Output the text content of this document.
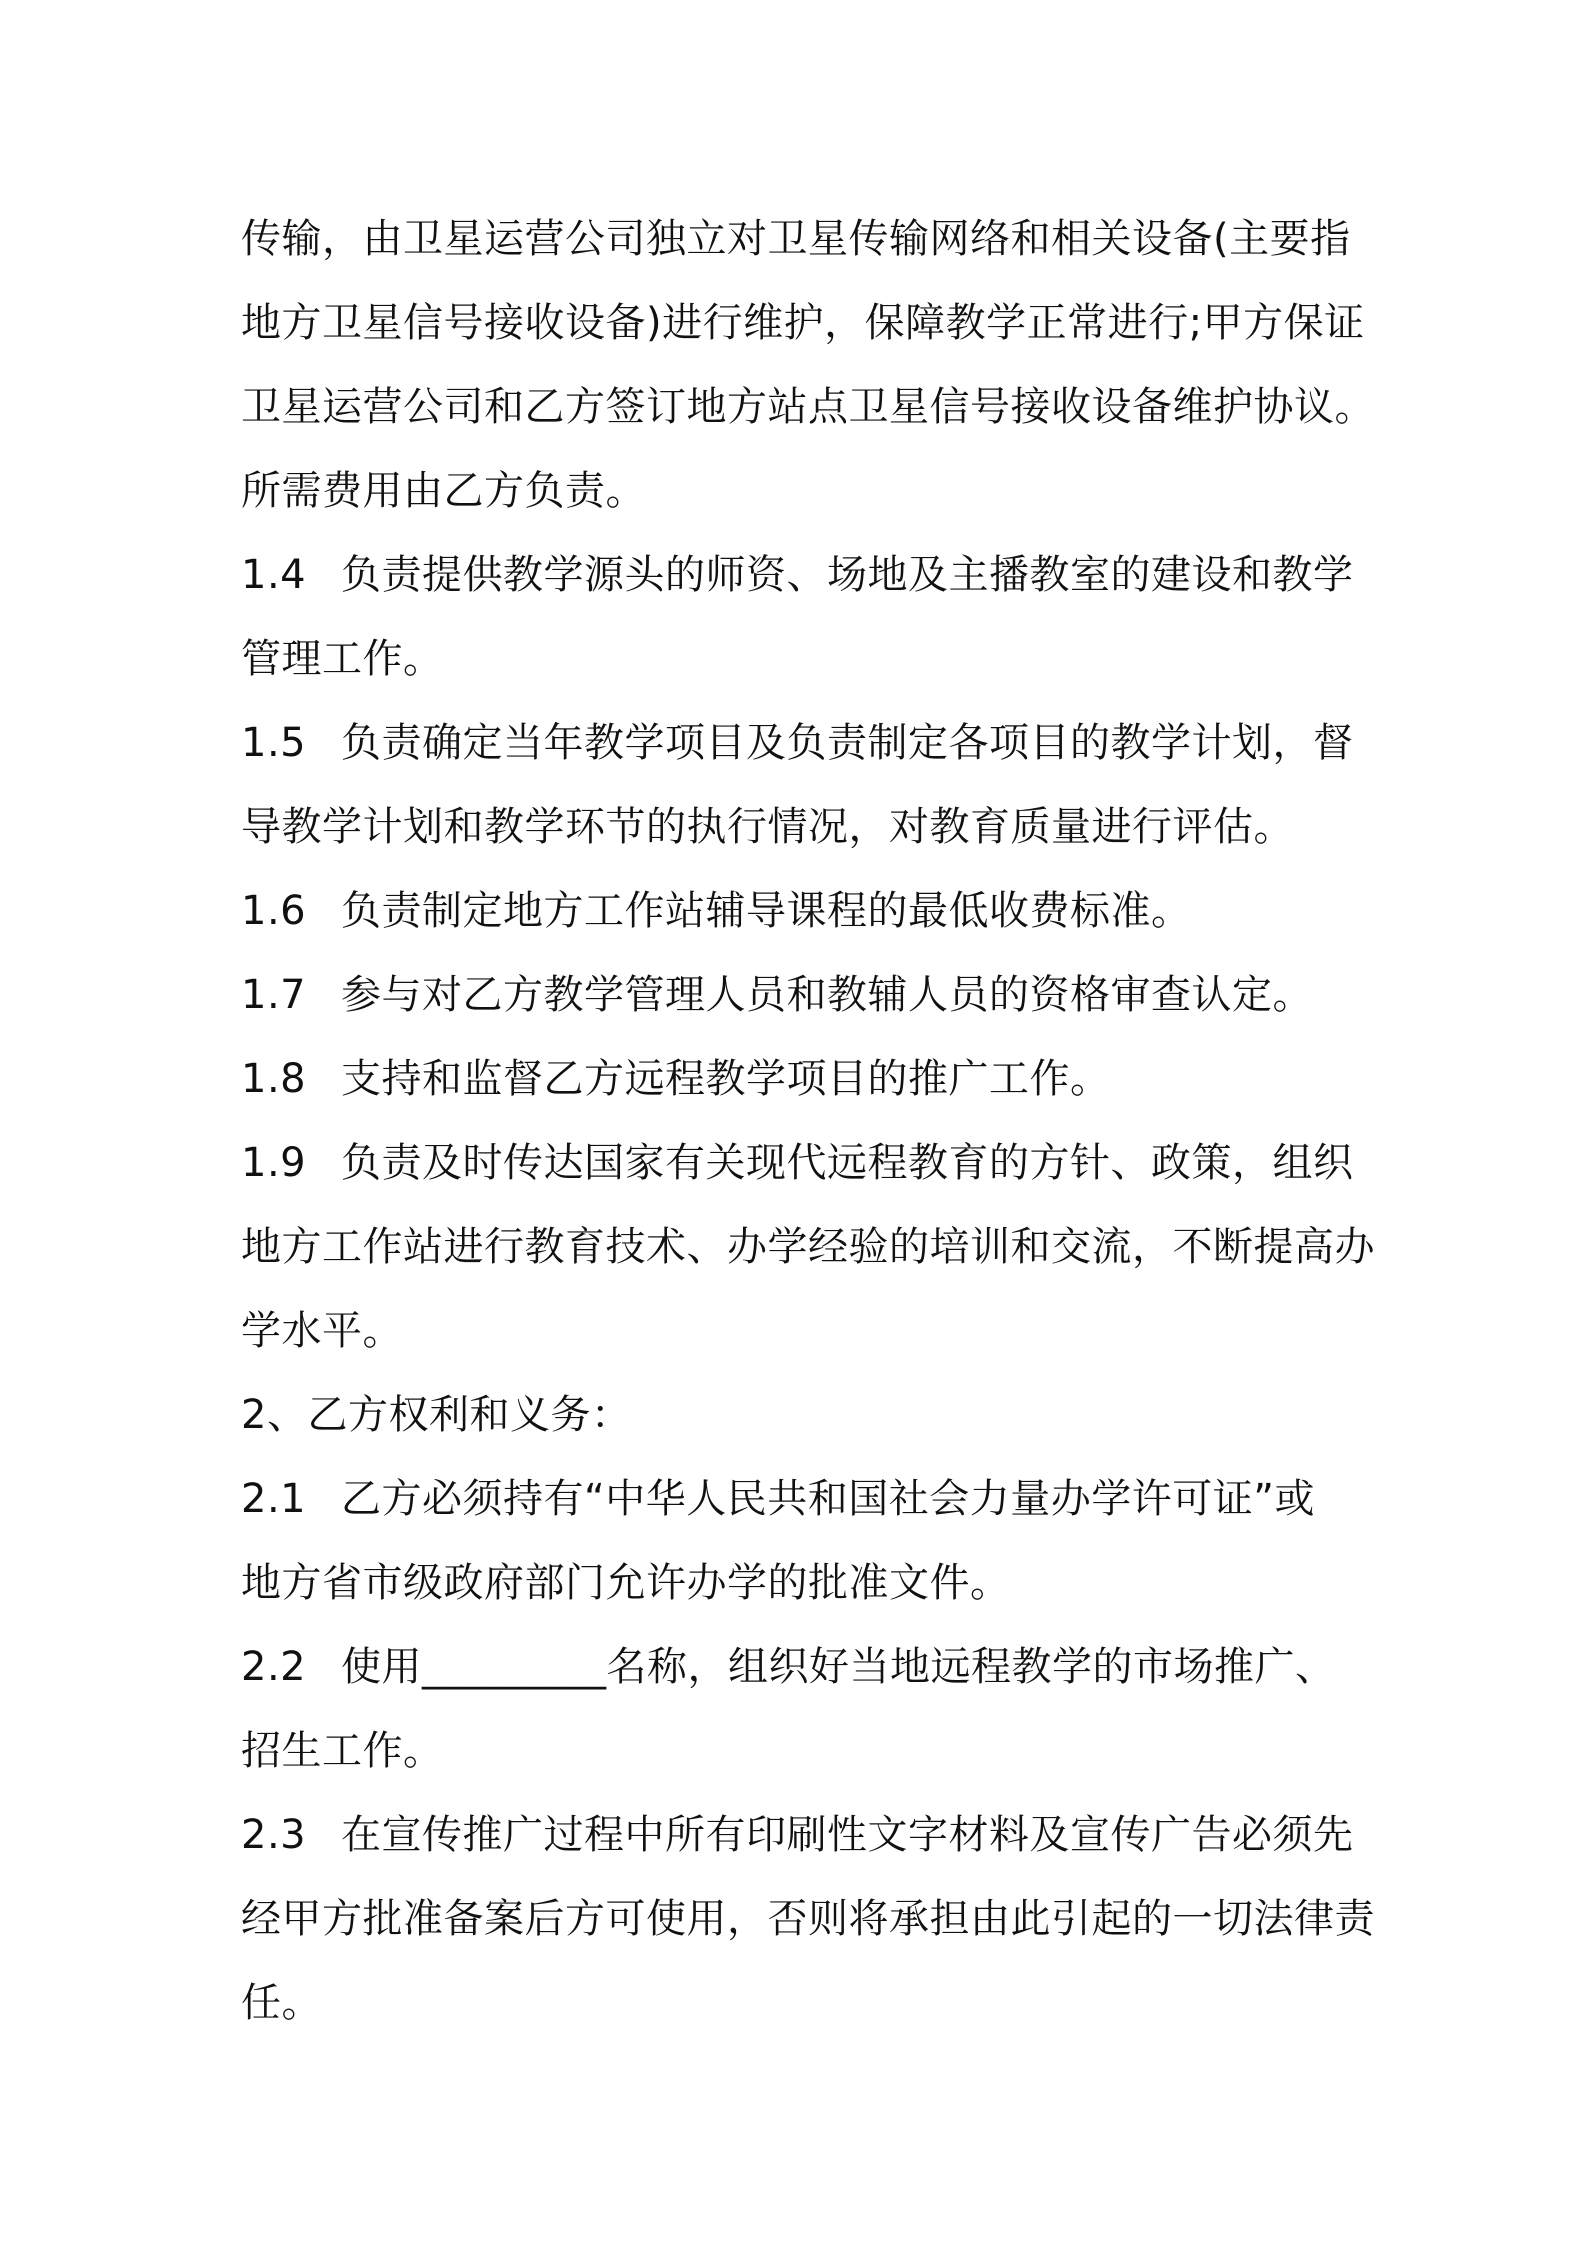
传输，由卫星运营公司独立对卫星传输网络和相关设备(主要指
地方卫星信号接收设备)进行维护，保障教学正常进行;甲方保证
卫星运营公司和乙方签订地方站点卫星信号接收设备维护协议。
所需费用由乙方负责。
1.4 负责提供教学源头的师资、场地及主播教室的建设和教学
管理工作。
1.5 负责确定当年教学项目及负责制定各项目的教学计划，督
导教学计划和教学环节的执行情况，对教育质量进行评估。
1.6 负责制定地方工作站辅导课程的最低收费标准。
1.7 参与对乙方教学管理人员和教辅人员的资格审查认定。
1.8 支持和监督乙方远程教学项目的推广工作。
1.9 负责及时传达国家有关现代远程教育的方针、政策，组织
地方工作站进行教育技术、办学经验的培训和交流，不断提高办
学水平。
2、乙方权利和义务：
2.1 乙方必须持有“中华人民共和国社会力量办学许可证”或
地方省市级政府部门允许办学的批准文件。
2.2 使用_________名称，组织好当地远程教学的市场推广、
招生工作。
2.3 在宣传推广过程中所有印刷性文字材料及宣传广告必须先
经甲方批准备案后方可使用，否则将承担由此引起的一切法律责
任。
